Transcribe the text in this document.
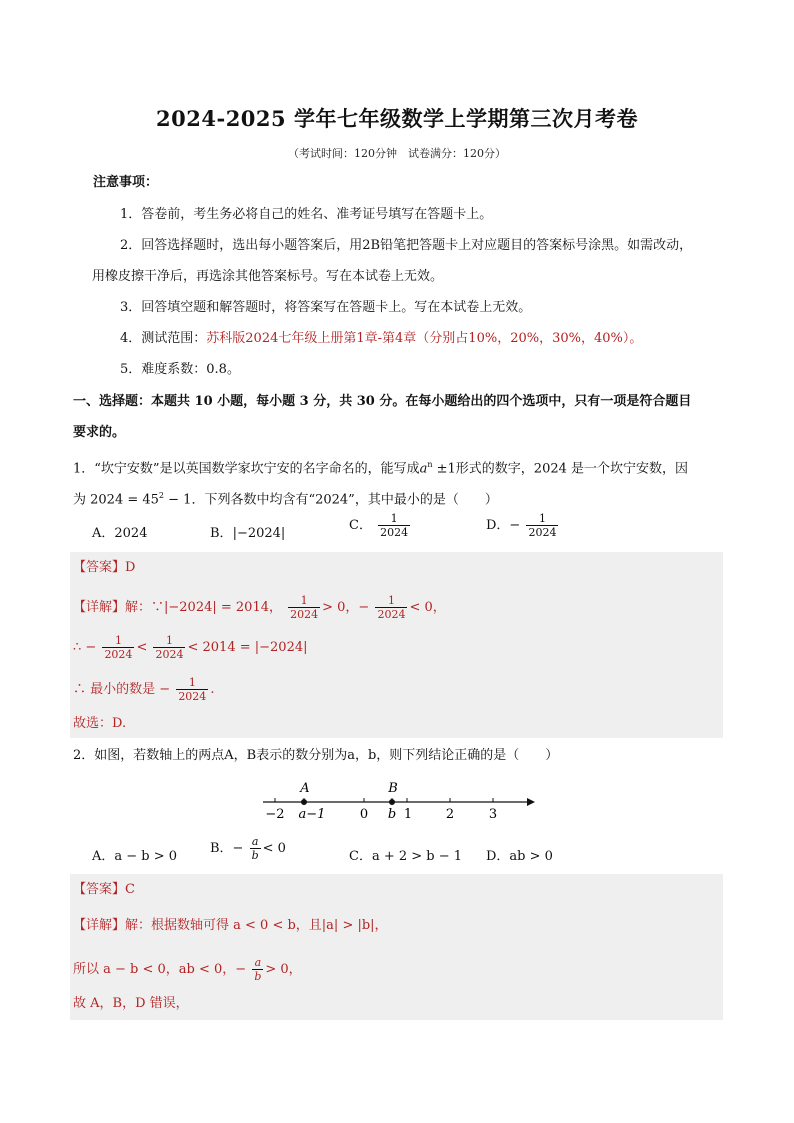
2024-2025 学年七年级数学上学期第三次月考卷
（考试时间：120分钟　试卷满分：120分）
注意事项：
1．答卷前，考生务必将自己的姓名、准考证号填写在答题卡上。
2．回答选择题时，选出每小题答案后，用2B铅笔把答题卡上对应题目的答案标号涂黑。如需改动，
用橡皮擦干净后，再选涂其他答案标号。写在本试卷上无效。
3．回答填空题和解答题时，将答案写在答题卡上。写在本试卷上无效。
4．测试范围：苏科版2024七年级上册第1章-第4章（分别占10%，20%，30%，40%）。
5．难度系数：0.8。
一、选择题：本题共 10 小题，每小题 3 分，共 30 分。在每小题给出的四个选项中，只有一项是符合题目
要求的。
1．“坎宁安数”是以英国数学家坎宁安的名字命名的，能写成$a^n \pm 1$形式的数字，2024 是一个坎宁安数，因
为 $2024 = 45^2 - 1$．下列各数中均含有“2024”，其中最小的是（　　）
A．2024	B．|−2024|
C． $\frac{1}{2024}$	D．− $\frac{1}{2024}$
【答案】D
【详解】解：∵|−2024| = 2014， $\frac{1}{2024} > 0$，− $\frac{1}{2024} < 0$，
∴ − $\frac{1}{2024} < \frac{1}{2024} < 2014 = |-2024|$
∴ 最小的数是 − $\frac{1}{2024}$ .
故选：D.
2．如图，若数轴上的两点A，B表示的数分别为a，b，则下列结论正确的是（　　）
A	B
−2 a−1	0 b 1	2	3
A．a − b > 0
B．− $\frac{a}{b} < 0$
C．a + 2 > b − 1 D．ab > 0
【答案】C
【详解】解：根据数轴可得 a < 0 < b，且|a| > |b|，
所以 a − b < 0，ab < 0，− $\frac{a}{b} > 0$，
故 A，B，D 错误，
